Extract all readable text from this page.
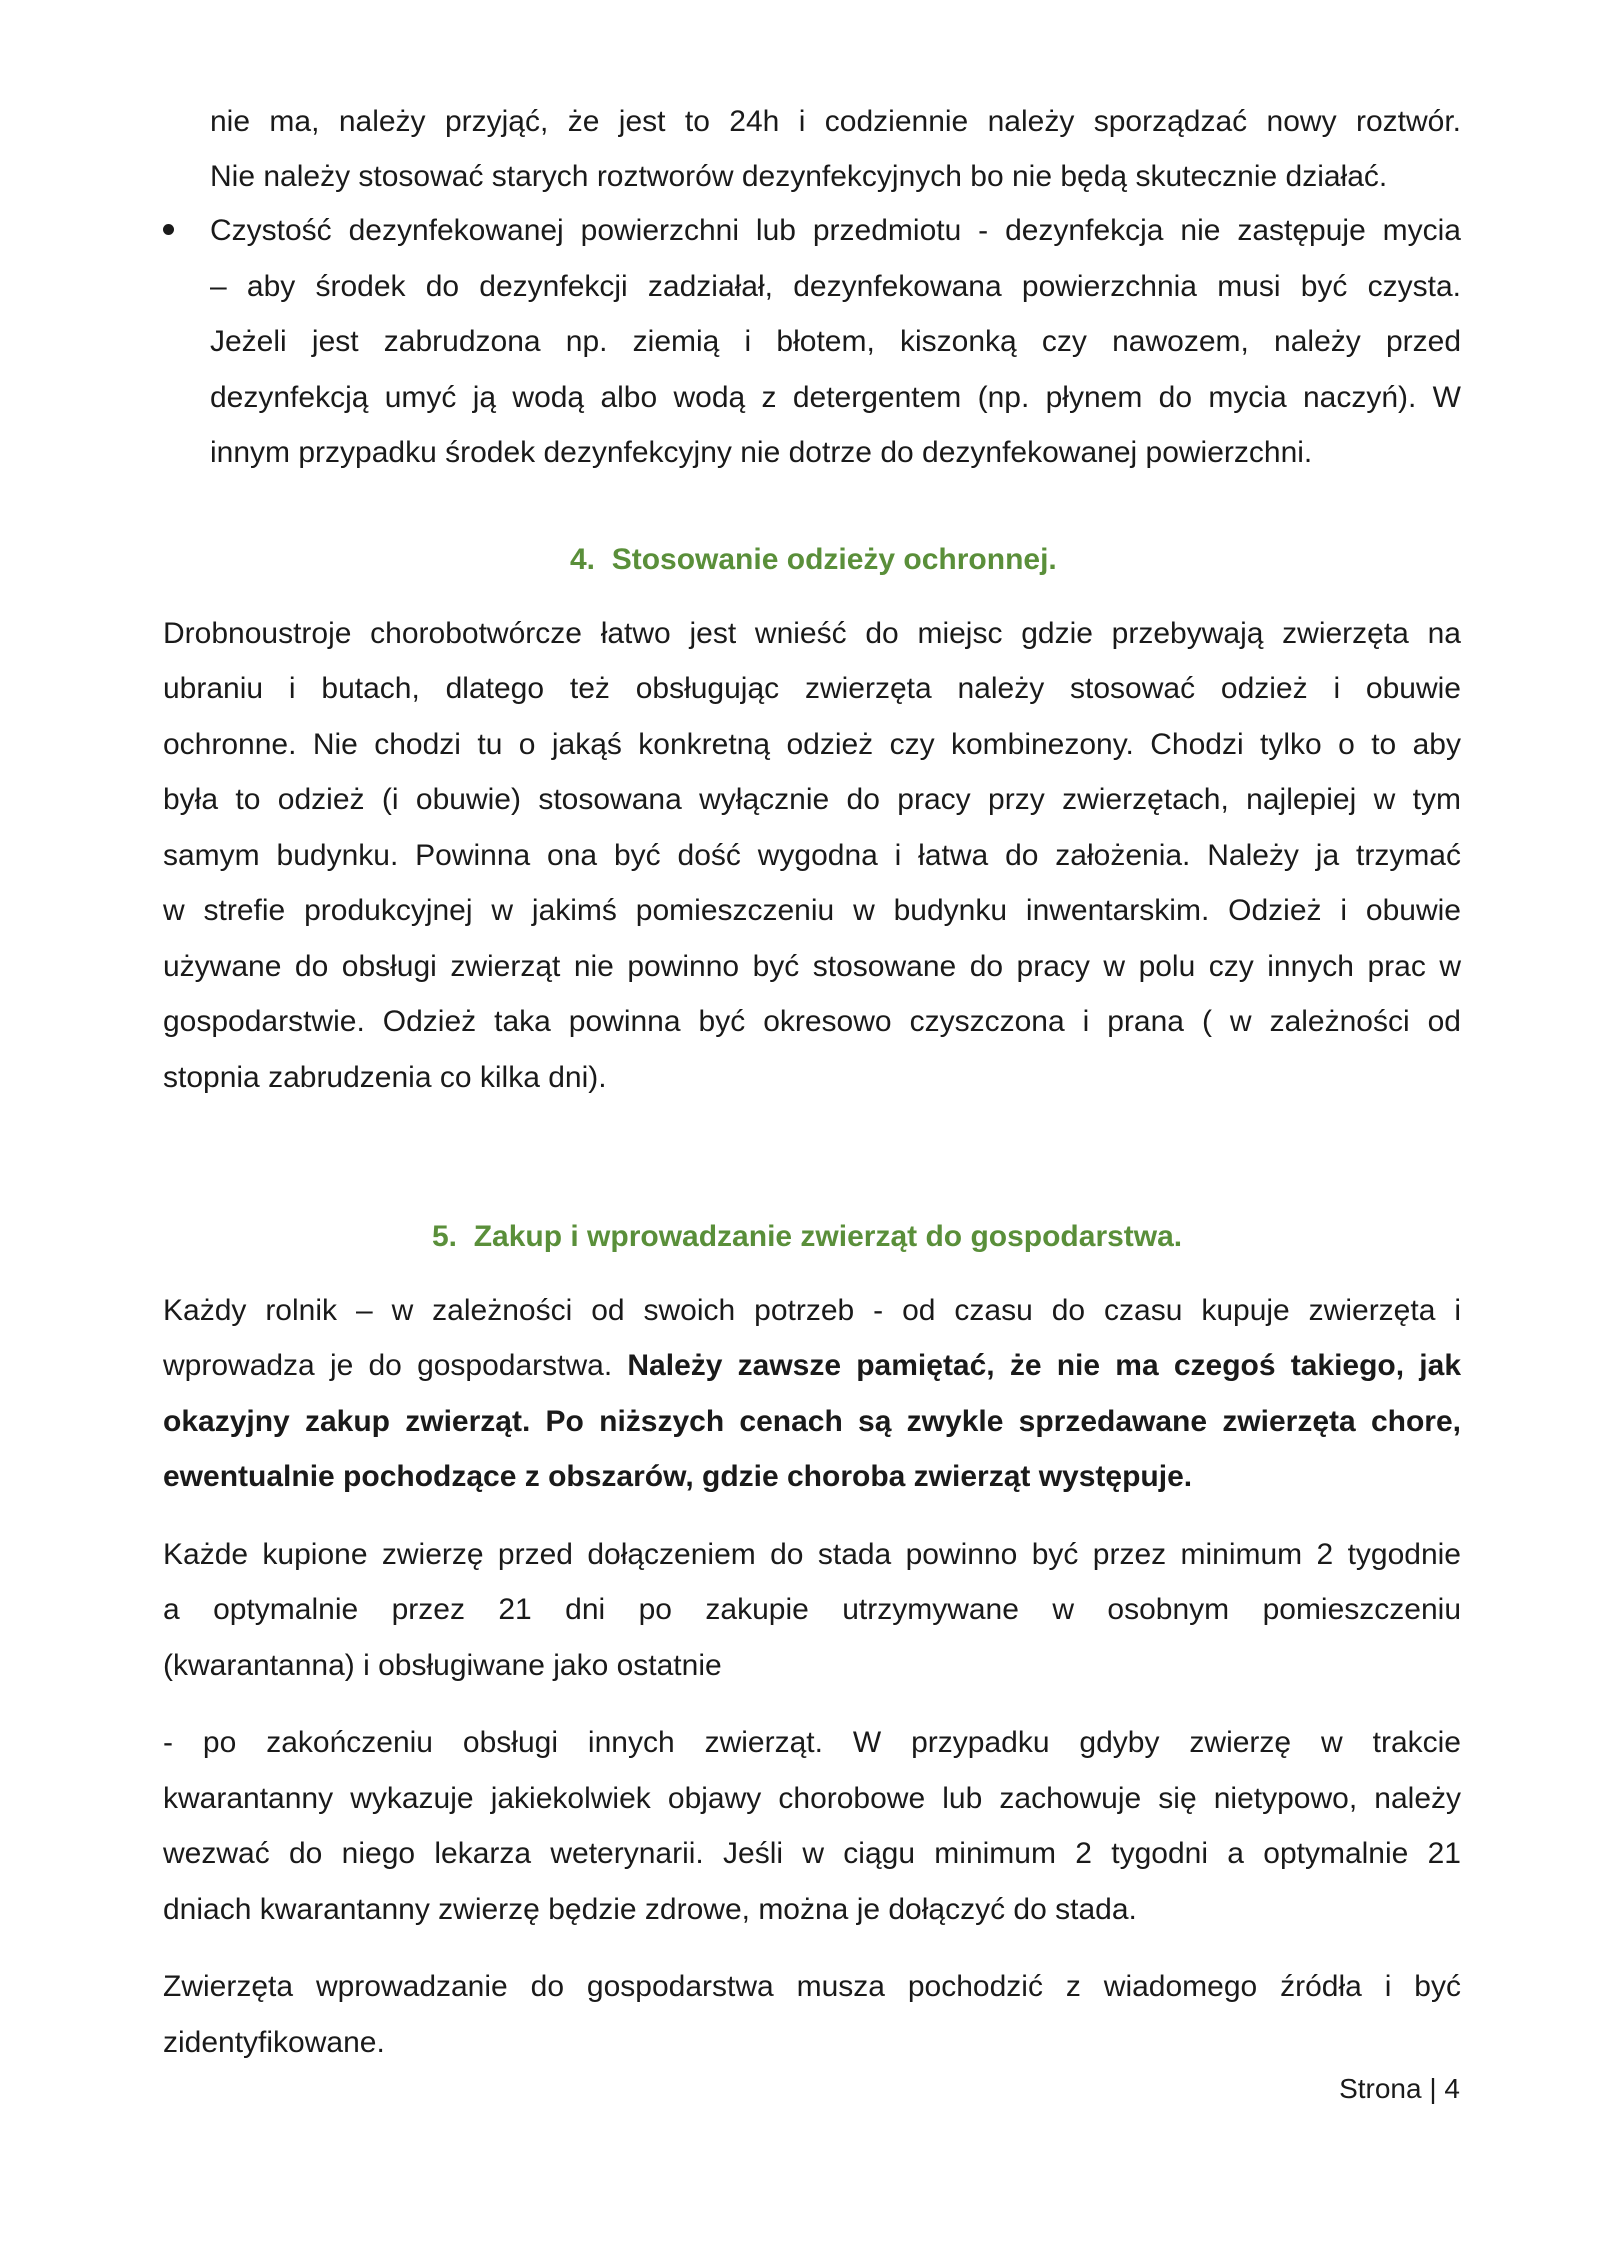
nie ma, należy przyjąć, że jest to 24h i codziennie należy sporządzać nowy roztwór.
Nie należy stosować starych roztworów dezynfekcyjnych bo nie będą skutecznie działać.
Czystość dezynfekowanej powierzchni lub przedmiotu - dezynfekcja nie zastępuje mycia
– aby środek do dezynfekcji zadziałał, dezynfekowana powierzchnia musi być czysta.
Jeżeli jest zabrudzona np. ziemią i błotem, kiszonką czy nawozem, należy przed
dezynfekcją umyć ją wodą albo wodą z detergentem (np. płynem do mycia naczyń). W
innym przypadku środek dezynfekcyjny nie dotrze do dezynfekowanej powierzchni.
4. Stosowanie odzieży ochronnej.
Drobnoustroje chorobotwórcze łatwo jest wnieść do miejsc gdzie przebywają zwierzęta na
ubraniu i butach, dlatego też obsługując zwierzęta należy stosować odzież i obuwie
ochronne. Nie chodzi tu o jakąś konkretną odzież czy kombinezony. Chodzi tylko o to aby
była to odzież (i obuwie) stosowana wyłącznie do pracy przy zwierzętach, najlepiej w tym
samym budynku. Powinna ona być dość wygodna i łatwa do założenia. Należy ja trzymać
w strefie produkcyjnej w jakimś pomieszczeniu w budynku inwentarskim. Odzież i obuwie
używane do obsługi zwierząt nie powinno być stosowane do pracy w polu czy innych prac w
gospodarstwie. Odzież taka powinna być okresowo czyszczona i prana ( w zależności od
stopnia zabrudzenia co kilka dni).
5. Zakup i wprowadzanie zwierząt do gospodarstwa.
Każdy rolnik – w zależności od swoich potrzeb - od czasu do czasu kupuje zwierzęta i
wprowadza je do gospodarstwa. Należy zawsze pamiętać, że nie ma czegoś takiego, jak
okazyjny zakup zwierząt. Po niższych cenach są zwykle sprzedawane zwierzęta chore,
ewentualnie pochodzące z obszarów, gdzie choroba zwierząt występuje.
Każde kupione zwierzę przed dołączeniem do stada powinno być przez minimum 2 tygodnie
a optymalnie przez 21 dni po zakupie utrzymywane w osobnym pomieszczeniu
(kwarantanna) i obsługiwane jako ostatnie
- po zakończeniu obsługi innych zwierząt. W przypadku gdyby zwierzę w trakcie
kwarantanny wykazuje jakiekolwiek objawy chorobowe lub zachowuje się nietypowo, należy
wezwać do niego lekarza weterynarii. Jeśli w ciągu minimum 2 tygodni a optymalnie 21
dniach kwarantanny zwierzę będzie zdrowe, można je dołączyć do stada.
Zwierzęta wprowadzanie do gospodarstwa musza pochodzić z wiadomego źródła i być
zidentyfikowane.
Strona | 4
